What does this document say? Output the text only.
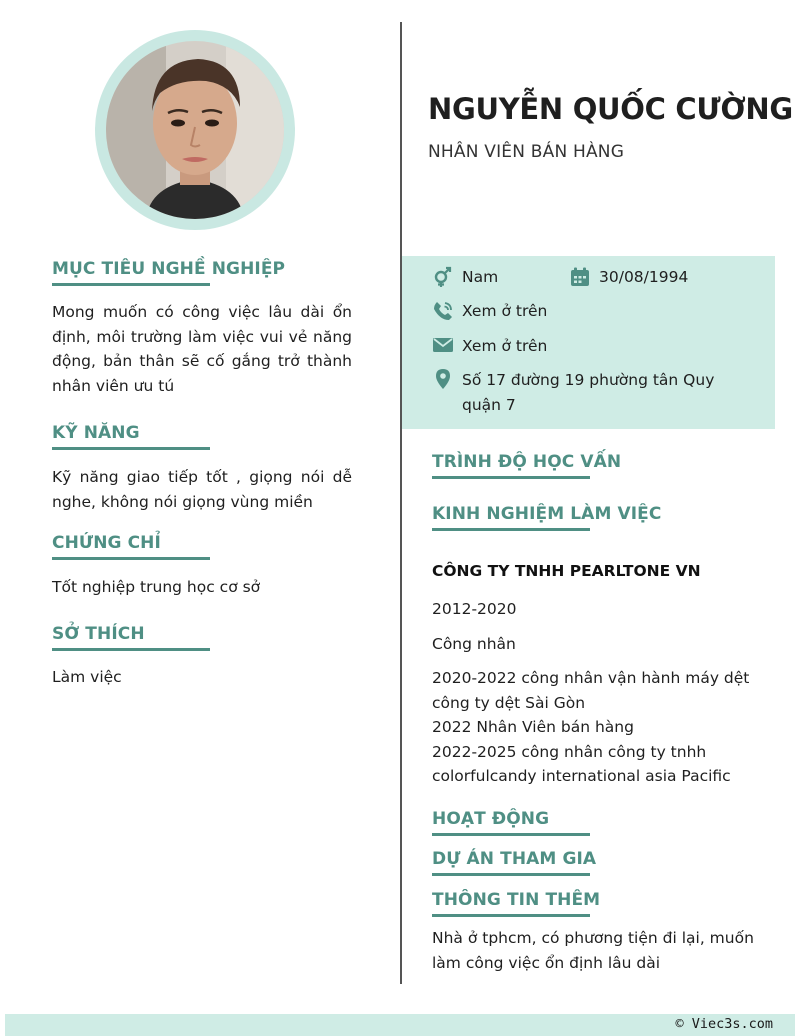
MỤC TIÊU NGHỀ NGHIỆP
Mong muốn có công việc lâu dài ổn định, môi trường làm việc vui vẻ năng động, bản thân sẽ cố gắng trở thành nhân viên ưu tú
KỸ NĂNG
Kỹ năng giao tiếp tốt , giọng nói dễ nghe, không nói giọng vùng miền
CHỨNG CHỈ
Tốt nghiệp trung học cơ sở
SỞ THÍCH
Làm việc
NGUYỄN QUỐC CƯỜNG
NHÂN VIÊN BÁN HÀNG
Nam	30/08/1994
Xem ở trên
Xem ở trên
Số 17 đường 19 phường tân Quy
quận 7
TRÌNH ĐỘ HỌC VẤN
KINH NGHIỆM LÀM VIỆC
CÔNG TY TNHH PEARLTONE VN
2012-2020
Công nhân
2020-2022 công nhân vận hành máy dệt
công ty dệt Sài Gòn
2022 Nhân Viên bán hàng
2022-2025 công nhân công ty tnhh
colorfulcandy international asia Pacific
HOẠT ĐỘNG
DỰ ÁN THAM GIA
THÔNG TIN THÊM
Nhà ở tphcm, có phương tiện đi lại, muốn
làm công việc ổn định lâu dài
© Viec3s.com
